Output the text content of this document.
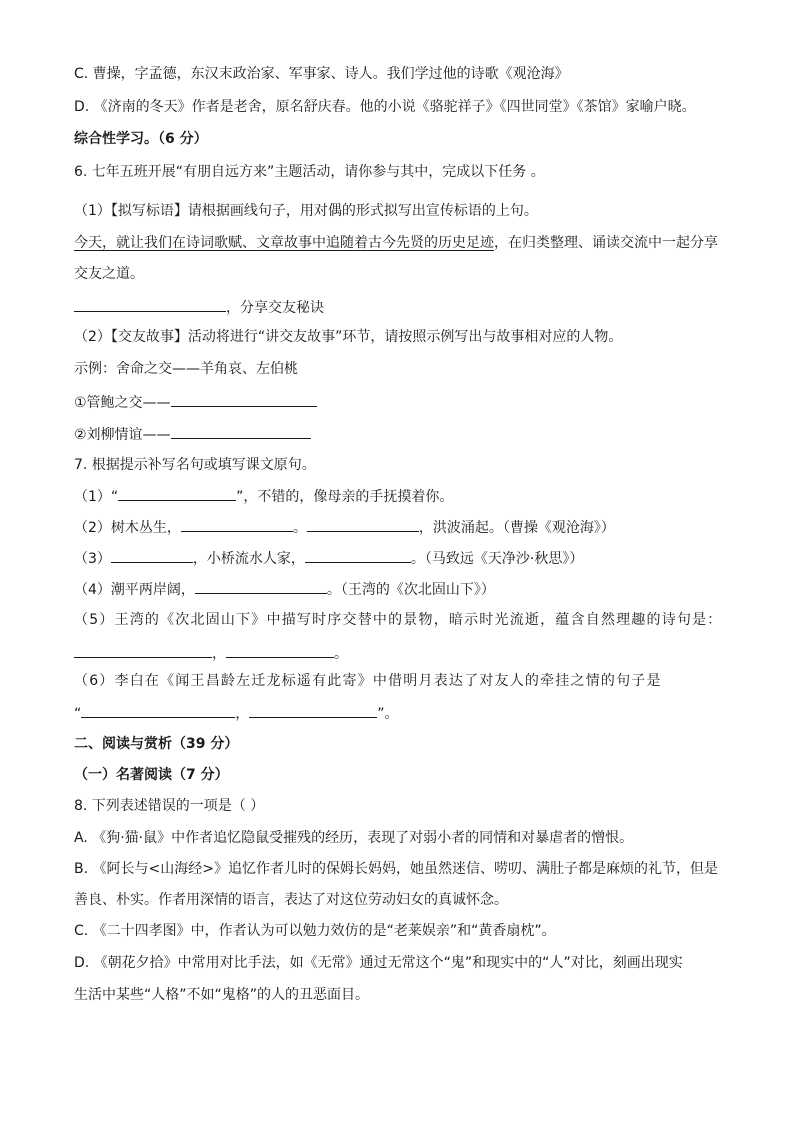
C. 曹操，字孟德，东汉末政治家、军事家、诗人。我们学过他的诗歌《观沧海》
D. 《济南的冬天》作者是老舍，原名舒庆春。他的小说《骆驼祥子》《四世同堂》《茶馆》家喻户晓。
综合性学习。（6 分）
6. 七年五班开展“有朋自远方来”主题活动，请你参与其中，完成以下任务 。
（1）【拟写标语】请根据画线句子，用对偶的形式拟写出宣传标语的上句。
今天，就让我们在诗词歌赋、文章故事中追随着古今先贤的历史足迹，在归类整理、诵读交流中一起分享
交友之道。
，分享交友秘诀
（2）【交友故事】活动将进行“讲交友故事”环节，请按照示例写出与故事相对应的人物。
示例：舍命之交——羊角哀、左伯桃
①管鲍之交——
②刘柳情谊——
7. 根据提示补写名句或填写课文原句。
（1）“	”，不错的，像母亲的手抚摸着你。
（2）树木丛生，	。	，洪波涌起。（曹操《观沧海》）
（3）	，小桥流水人家，	。（马致远《天净沙·秋思》）
（4）潮平两岸阔，	。（王湾的《次北固山下》）
（5）王湾的《次北固山下》中描写时序交替中的景物，暗示时光流逝，蕴含自然理趣的诗句是：
，	。
（6）李白在《闻王昌龄左迁龙标遥有此寄》中借明月表达了对友人的牵挂之情的句子是
“	，	”。
二、阅读与赏析（39 分）
（一）名著阅读（7 分）
8. 下列表述错误的一项是（ ）
A. 《狗·猫·鼠》中作者追忆隐鼠受摧残的经历，表现了对弱小者的同情和对暴虐者的憎恨。
B. 《阿长与<山海经>》追忆作者儿时的保姆长妈妈，她虽然迷信、唠叨、满肚子都是麻烦的礼节，但是
善良、朴实。作者用深情的语言，表达了对这位劳动妇女的真诚怀念。
C. 《二十四孝图》中，作者认为可以勉力效仿的是“老莱娱亲”和“黄香扇枕”。
D. 《朝花夕拾》中常用对比手法，如《无常》通过无常这个“鬼”和现实中的“人”对比，刻画出现实
生活中某些“人格”不如“鬼格”的人的丑恶面目。
